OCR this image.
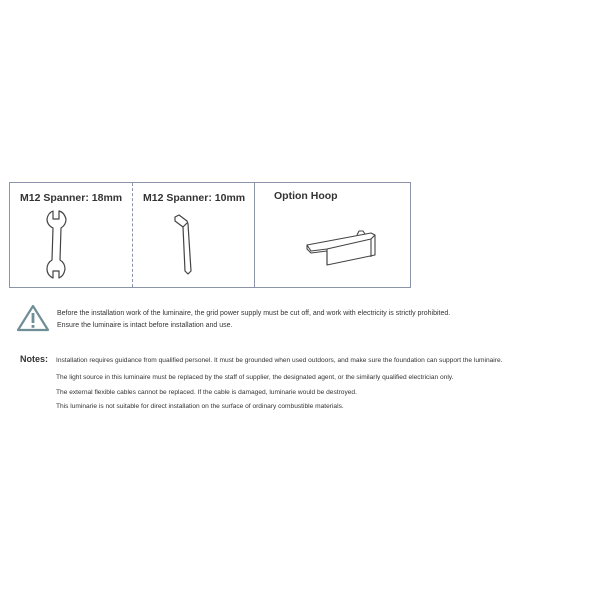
M12 Spanner: 18mm M12 Spanner: 10mm	Option Hoop
Before the installation work of the luminaire, the grid power supply must be cut off, and work with electricity is strictly prohibited.
Ensure the luminaire is intact before installation and use.
Notes: Installation requires guidance from qualified personel. It must be grounded when used outdoors, and make sure the foundation can support the luminaire.
The light source in this luminaire must be replaced by the staff of supplier, the designated agent, or the similarly qualified electrician only.
The external flexible cables cannot be replaced. If the cable is damaged, luminarie would be destroyed.
This luminarie is not suitable for direct installation on the surface of ordinary combustible materials.
